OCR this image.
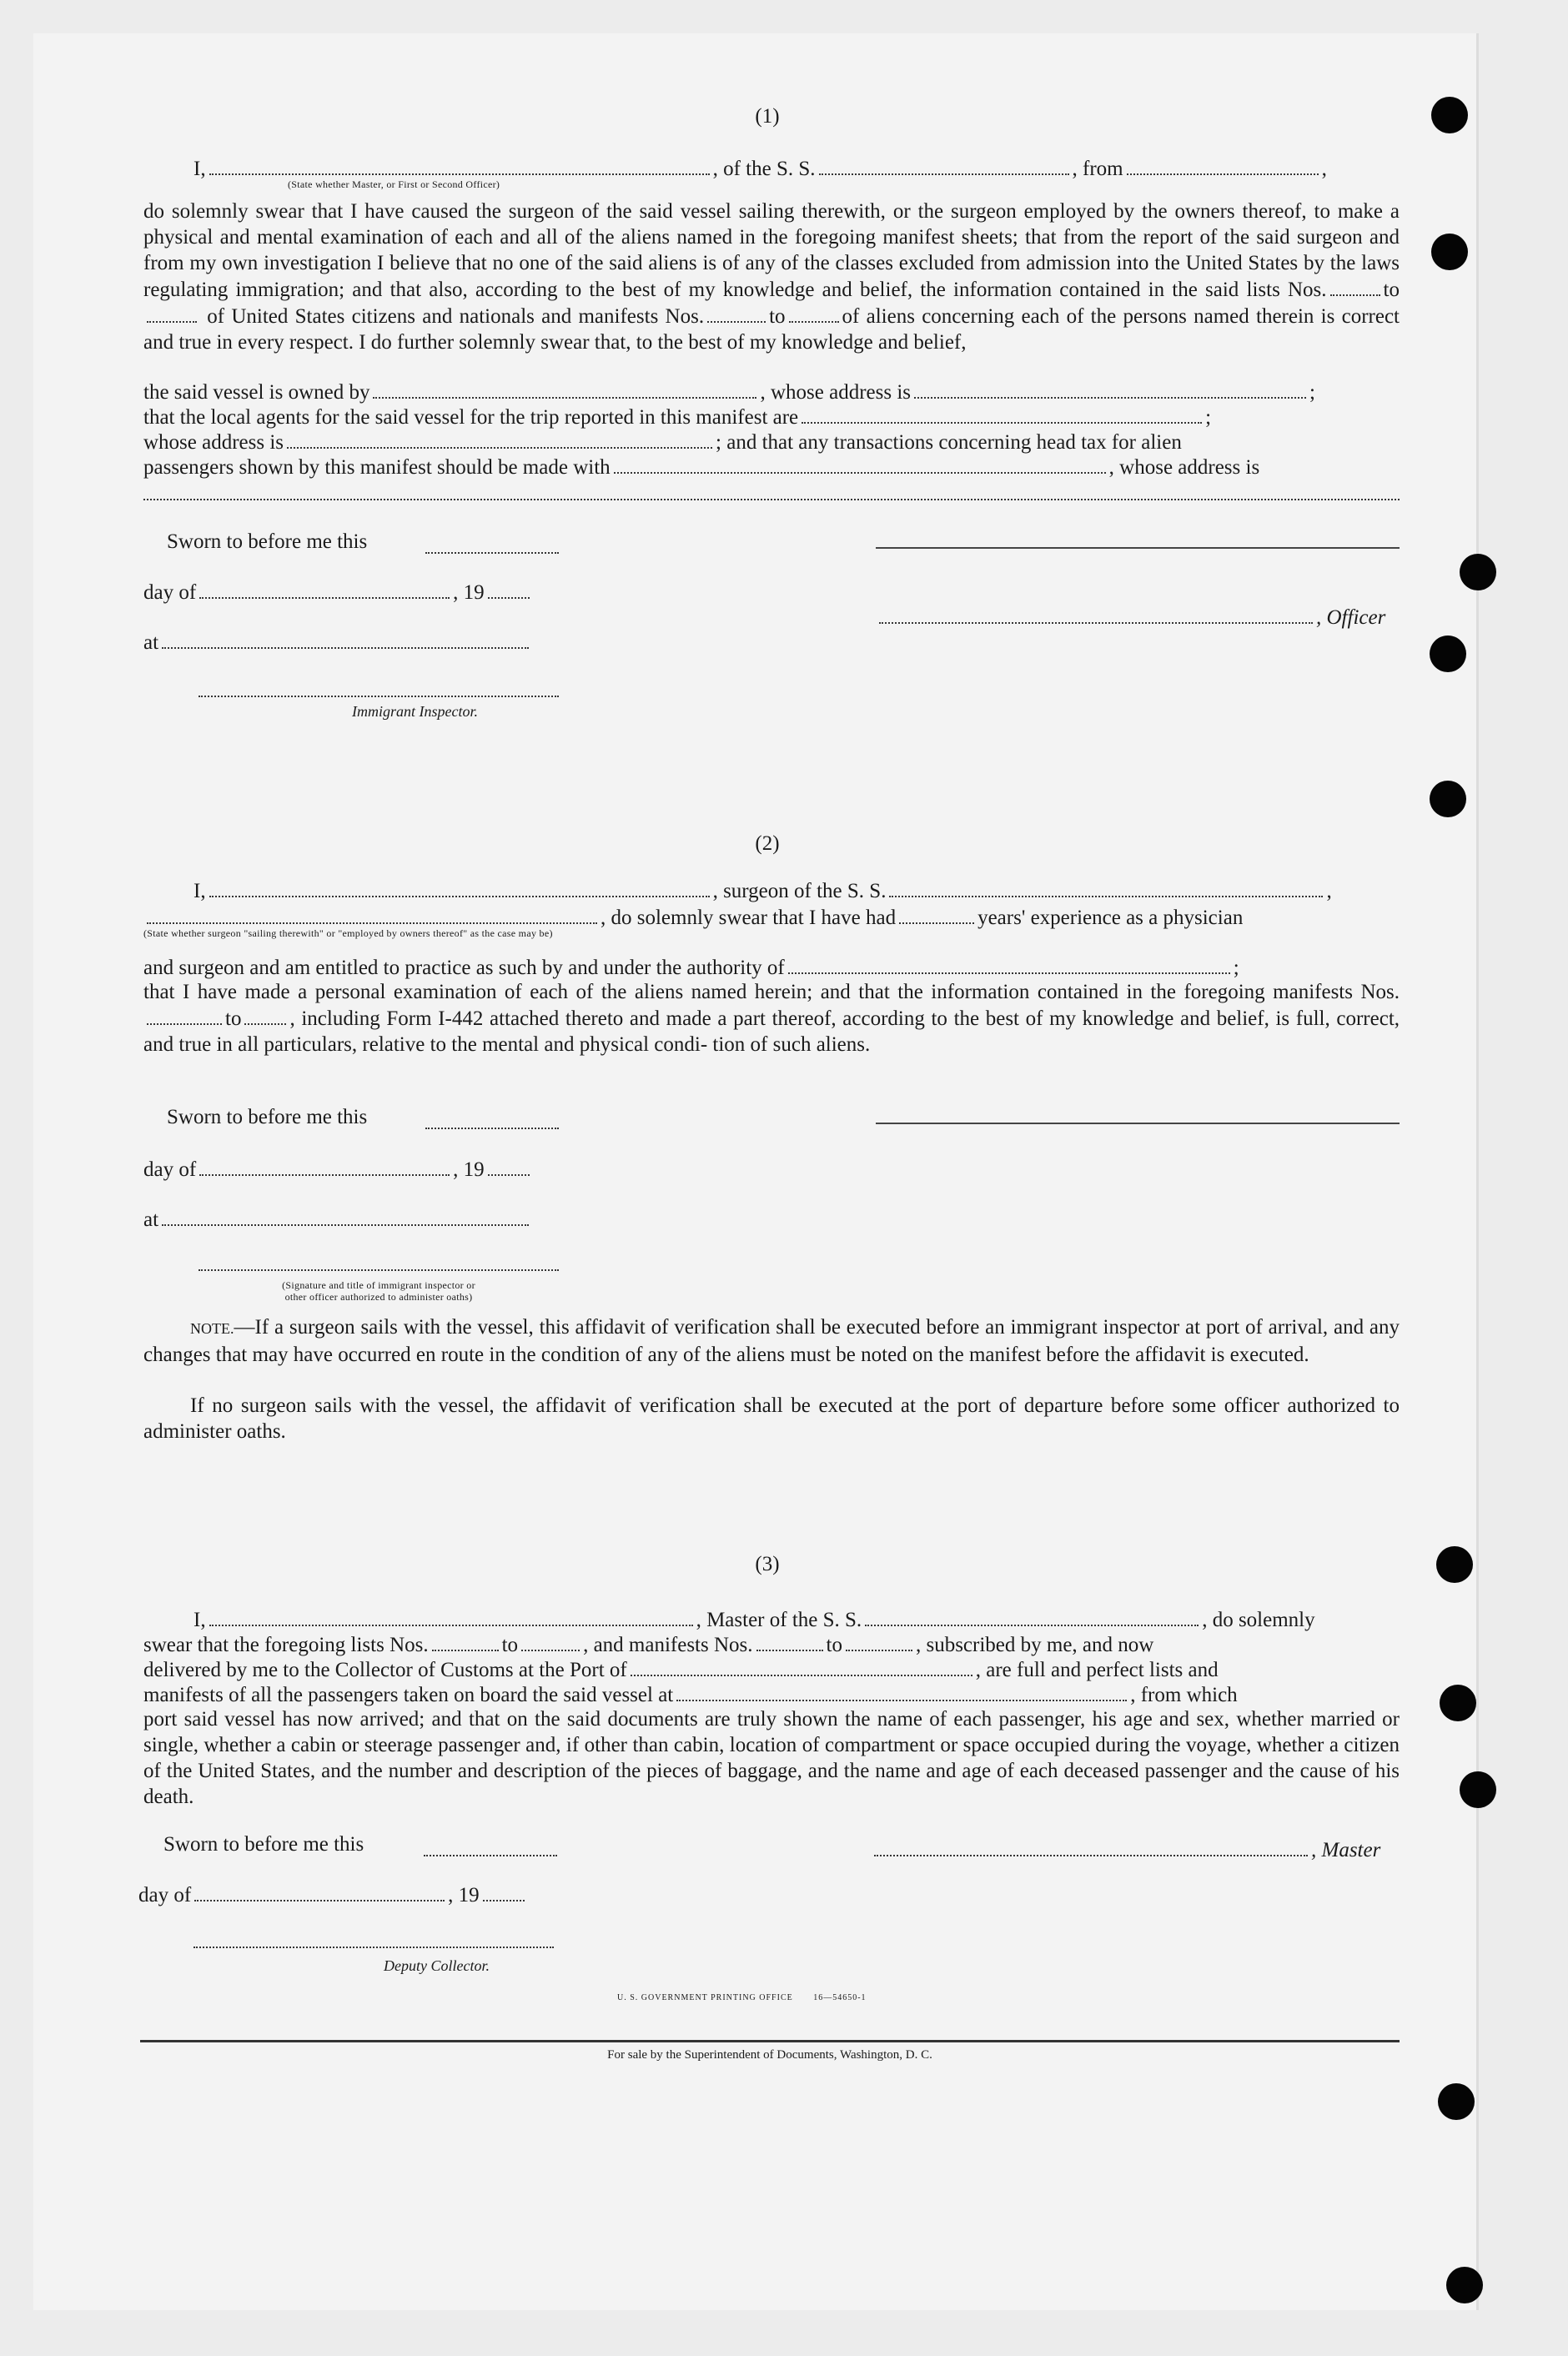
(1)
I,	, of the S. S.	, from	,
(State whether Master, or First or Second Officer)
do solemnly swear that I have caused the surgeon of the said vessel sailing therewith, or the surgeon employed by the owners thereof, to make a physical and mental examination of each and all of the aliens named in the foregoing manifest sheets; that from the report of the said surgeon and from my own investigation I believe that no one of the said aliens is of any of the classes excluded from admission into the United States by the laws regulating immigration; and that also, according to the best of my knowledge and belief, the information contained in the said lists Nos.	to of United States citizens and nationals and manifests Nos.	to	of aliens concerning each of the persons named therein is correct and true in every respect. I do further solemnly swear that, to the best of my knowledge and belief,
the said vessel is owned by	, whose address is	;
that the local agents for the said vessel for the trip reported in this manifest are	;
whose address is	; and that any transactions concerning head tax for alien
passengers shown by this manifest should be made with	, whose address is
Sworn to before me this
day of	, 19
, Officer
at
Immigrant Inspector.
(2)
I,	, surgeon of the S. S.	,
, do solemnly swear that I have had	years' experience as a physician
(State whether surgeon "sailing therewith" or "employed by owners thereof" as the case may be)
and surgeon and am entitled to practice as such by and under the authority of	;
that I have made a personal examination of each of the aliens named herein; and that the information contained in the foregoing manifests Nos.to , including Form I-442 attached thereto and made a part thereof, according to the best of my knowledge and belief, is full, correct, and true in all particulars, relative to the mental and physical condi- tion of such aliens.
Sworn to before me this
day of	, 19
at
(Signature and title of immigrant inspector or
other officer authorized to administer oaths)
NOTE.—If a surgeon sails with the vessel, this affidavit of verification shall be executed before an immigrant inspector at port of arrival, and any changes that may have occurred en route in the condition of any of the aliens must be noted on the manifest before the affidavit is executed.
If no surgeon sails with the vessel, the affidavit of verification shall be executed at the port of departure before some officer authorized to administer oaths.
(3)
I,	, Master of the S. S.	, do solemnly
swear that the foregoing lists Nos.	to	, and manifests Nos.	to	, subscribed by me, and now
delivered by me to the Collector of Customs at the Port of	, are full and perfect lists and
manifests of all the passengers taken on board the said vessel at	, from which
port said vessel has now arrived; and that on the said documents are truly shown the name of each passenger, his age and sex, whether married or single, whether a cabin or steerage passenger and, if other than cabin, location of compartment or space occupied during the voyage, whether a citizen of the United States, and the number and description of the pieces of baggage, and the name and age of each deceased passenger and the cause of his death.
Sworn to before me this	, Master
day of	, 19
Deputy Collector.
U. S. GOVERNMENT PRINTING OFFICE 16—54650-1
For sale by the Superintendent of Documents, Washington, D. C.
